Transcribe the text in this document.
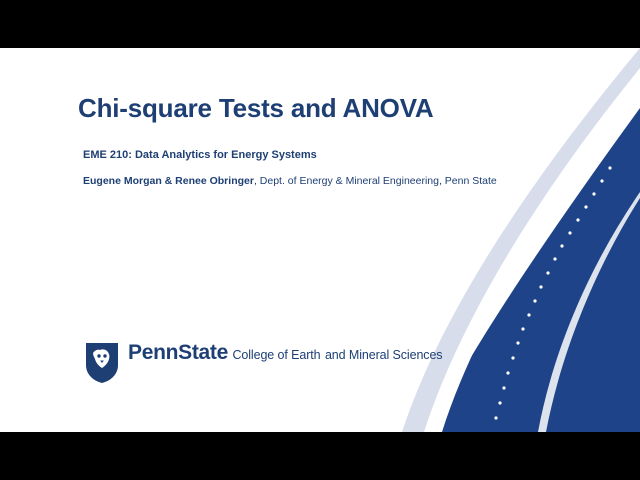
Chi-square Tests and ANOVA
EME 210: Data Analytics for Energy Systems
Eugene Morgan & Renee Obringer, Dept. of Energy & Mineral Engineering, Penn State
PennState College of Earth and Mineral Sciences
